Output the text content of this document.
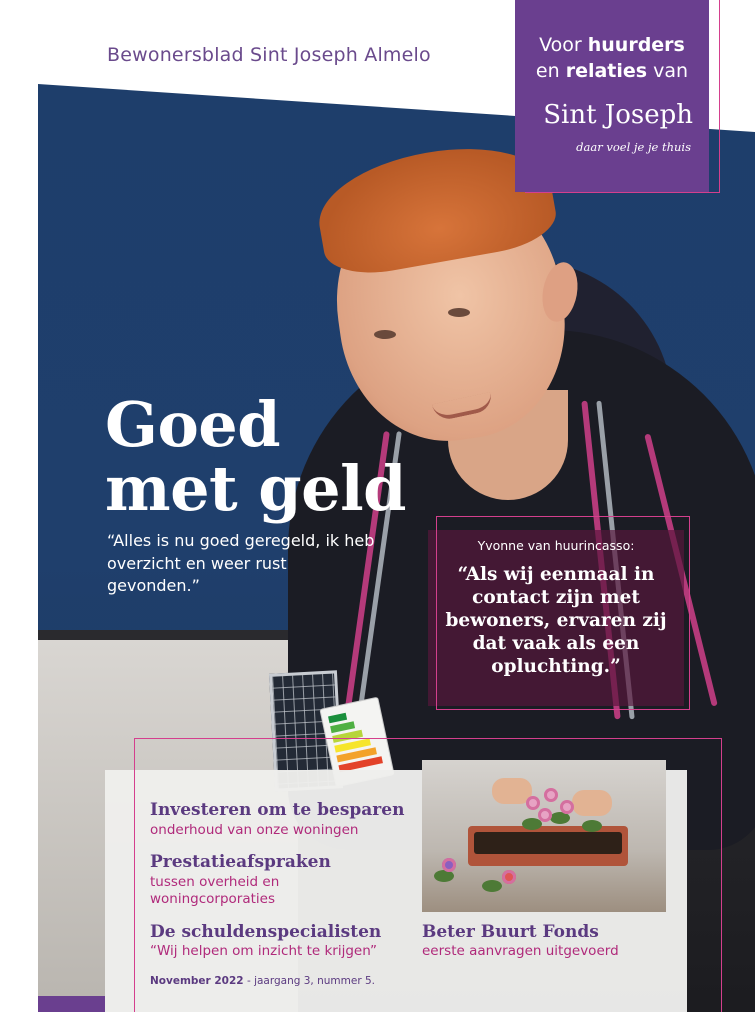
Bewonersblad Sint Joseph Almelo	Voor huurders
en relaties van
Sint Joseph
daar voel je je thuis
Goed
met geld
“Alles is nu goed geregeld, ik heb overzicht en weer rust gevonden.”
Yvonne van huurincasso:
“Als wij eenmaal in contact zijn met bewoners, ervaren zij dat vaak als een opluchting.”
Investeren om te besparen
onderhoud van onze woningen
Prestatieafspraken
tussen overheid en woningcorporaties
De schuldenspecialisten
“Wij helpen om inzicht te krijgen”
Beter Buurt Fonds
eerste aanvragen uitgevoerd
November 2022 - jaargang 3, nummer 5.
